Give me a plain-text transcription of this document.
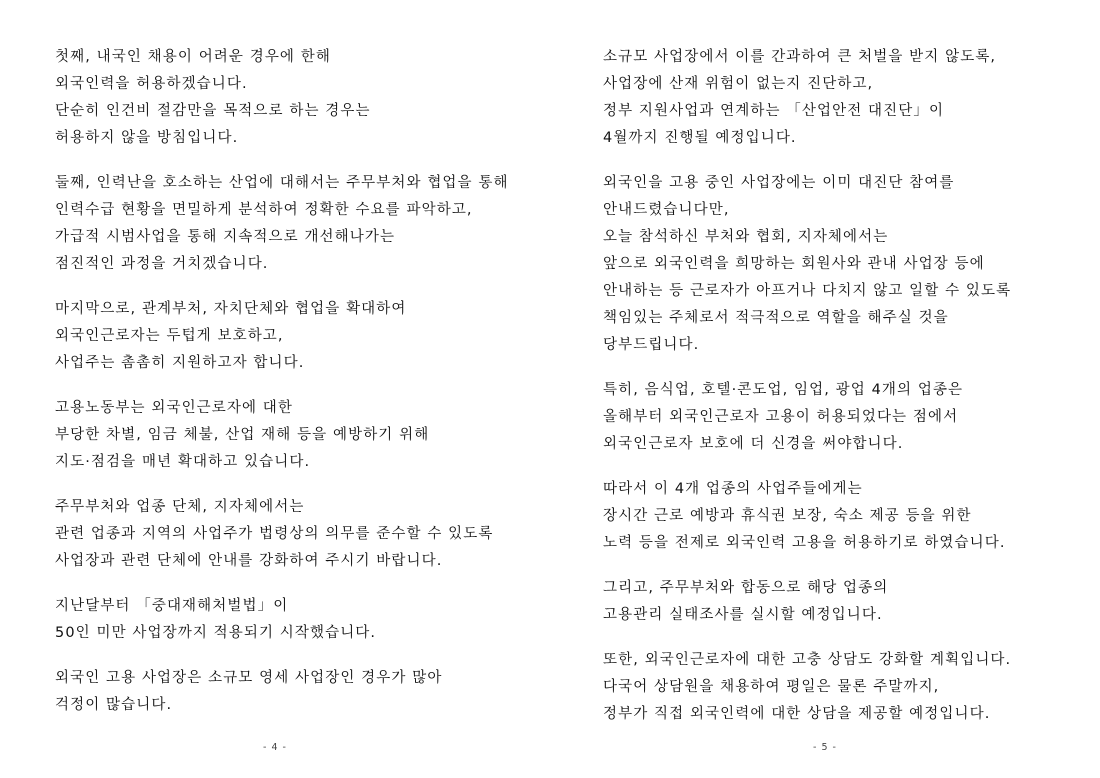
첫째, 내국인 채용이 어려운 경우에 한해
외국인력을 허용하겠습니다.
단순히 인건비 절감만을 목적으로 하는 경우는
허용하지 않을 방침입니다.
둘째, 인력난을 호소하는 산업에 대해서는 주무부처와 협업을 통해
인력수급 현황을 면밀하게 분석하여 정확한 수요를 파악하고,
가급적 시범사업을 통해 지속적으로 개선해나가는
점진적인 과정을 거치겠습니다.
마지막으로, 관계부처, 자치단체와 협업을 확대하여
외국인근로자는 두텁게 보호하고,
사업주는 촘촘히 지원하고자 합니다.
고용노동부는 외국인근로자에 대한
부당한 차별, 임금 체불, 산업 재해 등을 예방하기 위해
지도·점검을 매년 확대하고 있습니다.
주무부처와 업종 단체, 지자체에서는
관련 업종과 지역의 사업주가 법령상의 의무를 준수할 수 있도록
사업장과 관련 단체에 안내를 강화하여 주시기 바랍니다.
지난달부터 「중대재해처벌법」이
50인 미만 사업장까지 적용되기 시작했습니다.
외국인 고용 사업장은 소규모 영세 사업장인 경우가 많아
걱정이 많습니다.
- 4 -
소규모 사업장에서 이를 간과하여 큰 처벌을 받지 않도록,
사업장에 산재 위험이 없는지 진단하고,
정부 지원사업과 연계하는 「산업안전 대진단」이
4월까지 진행될 예정입니다.
외국인을 고용 중인 사업장에는 이미 대진단 참여를
안내드렸습니다만,
오늘 참석하신 부처와 협회, 지자체에서는
앞으로 외국인력을 희망하는 회원사와 관내 사업장 등에
안내하는 등 근로자가 아프거나 다치지 않고 일할 수 있도록
책임있는 주체로서 적극적으로 역할을 해주실 것을
당부드립니다.
특히, 음식업, 호텔·콘도업, 임업, 광업 4개의 업종은
올해부터 외국인근로자 고용이 허용되었다는 점에서
외국인근로자 보호에 더 신경을 써야합니다.
따라서 이 4개 업종의 사업주들에게는
장시간 근로 예방과 휴식권 보장, 숙소 제공 등을 위한
노력 등을 전제로 외국인력 고용을 허용하기로 하였습니다.
그리고, 주무부처와 합동으로 해당 업종의
고용관리 실태조사를 실시할 예정입니다.
또한, 외국인근로자에 대한 고충 상담도 강화할 계획입니다.
다국어 상담원을 채용하여 평일은 물론 주말까지,
정부가 직접 외국인력에 대한 상담을 제공할 예정입니다.
- 5 -
